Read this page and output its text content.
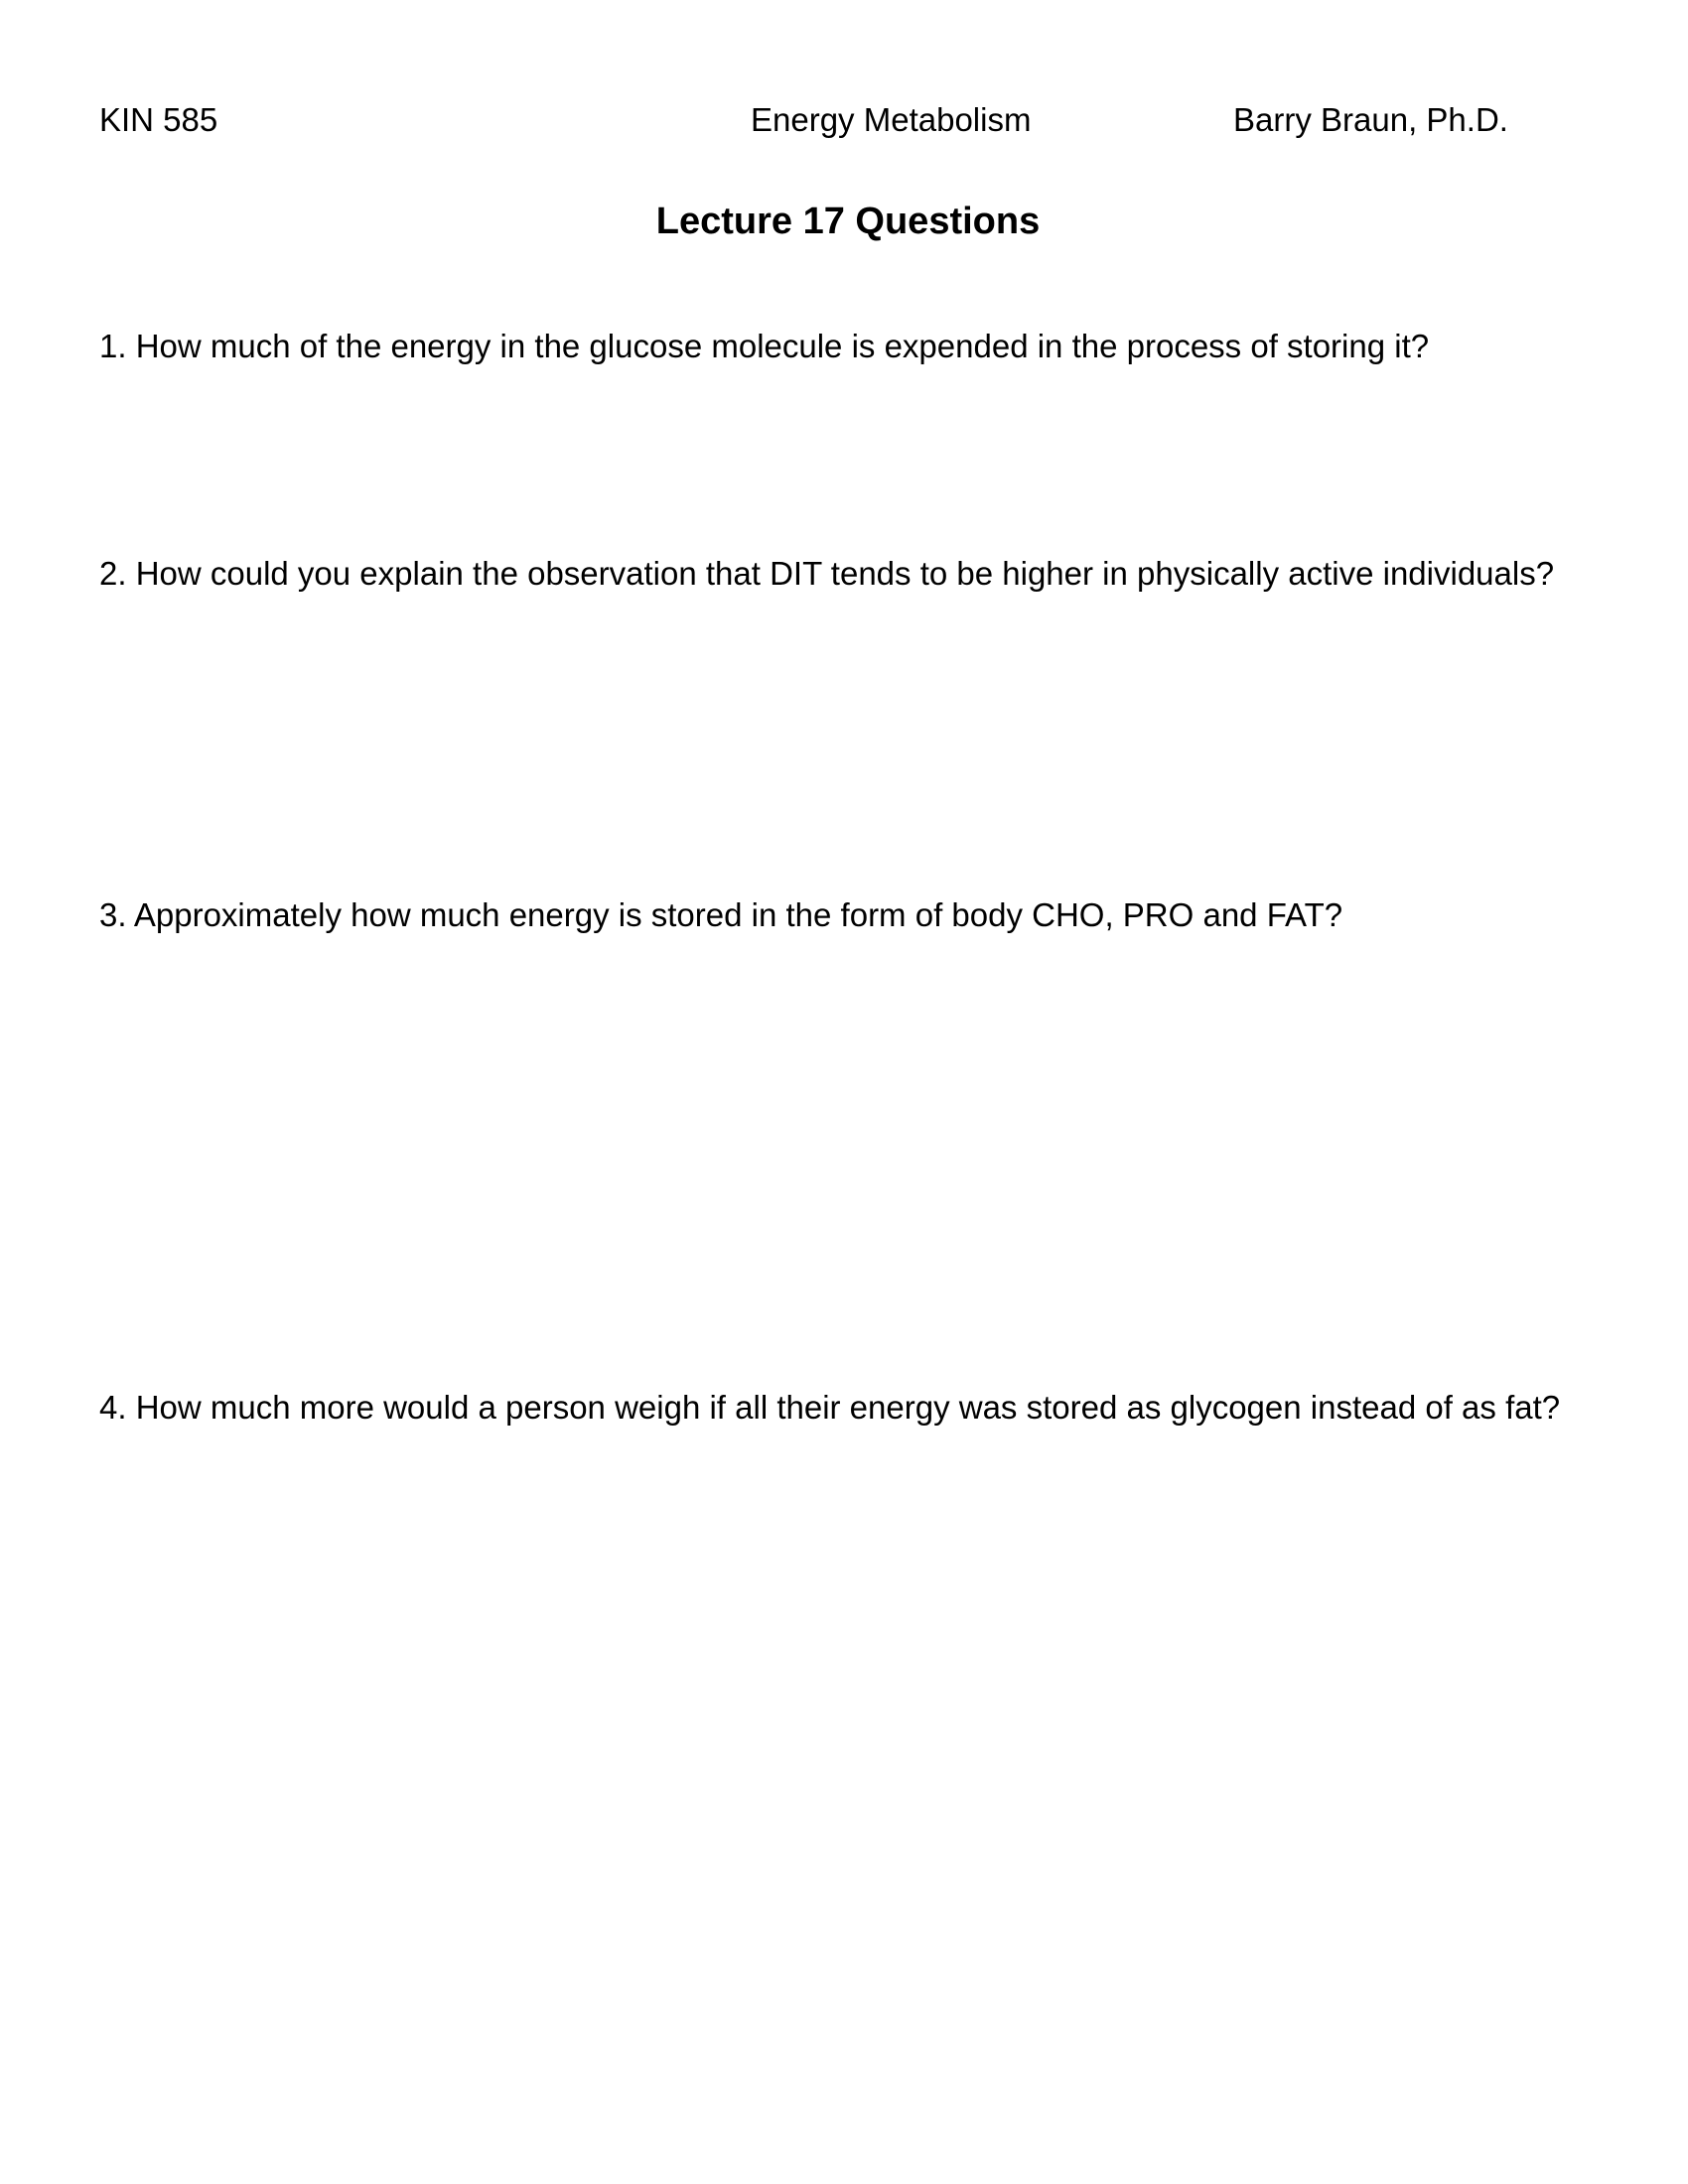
KIN 585	Energy Metabolism	Barry Braun, Ph.D.
Lecture 17 Questions
1. How much of the energy in the glucose molecule is expended in the process of storing it?
2. How could you explain the observation that DIT tends to be higher in physically active individuals?
3. Approximately how much energy is stored in the form of body CHO, PRO and FAT?
4. How much more would a person weigh if all their energy was stored as glycogen instead of as fat?
